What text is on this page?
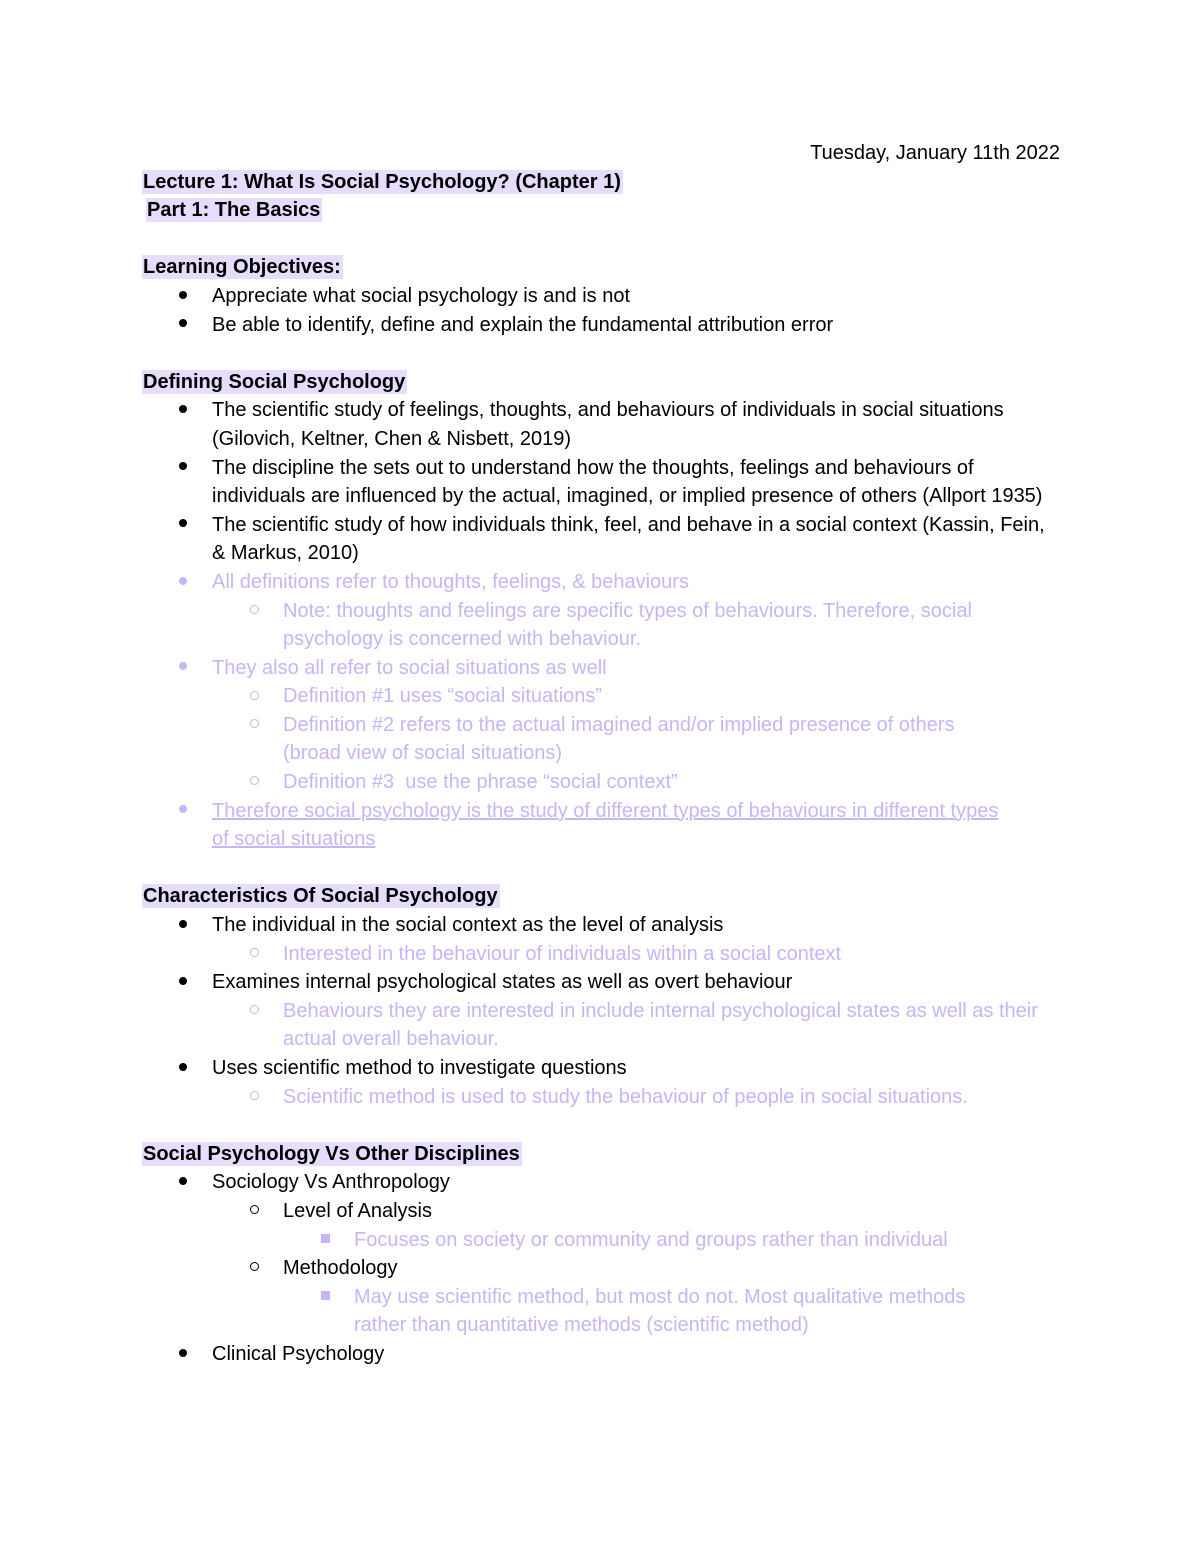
Tuesday, January 11th 2022
Lecture 1: What Is Social Psychology? (Chapter 1)
Part 1: The Basics
Learning Objectives:
Appreciate what social psychology is and is not
Be able to identify, define and explain the fundamental attribution error
Defining Social Psychology
The scientific study of feelings, thoughts, and behaviours of individuals in social situations (Gilovich, Keltner, Chen & Nisbett, 2019)
The discipline the sets out to understand how the thoughts, feelings and behaviours of individuals are influenced by the actual, imagined, or implied presence of others (Allport 1935)
The scientific study of how individuals think, feel, and behave in a social context (Kassin, Fein, & Markus, 2010)
All definitions refer to thoughts, feelings, & behaviours
Note: thoughts and feelings are specific types of behaviours. Therefore, social psychology is concerned with behaviour.
They also all refer to social situations as well
Definition #1 uses “social situations”
Definition #2 refers to the actual imagined and/or implied presence of others (broad view of social situations)
Definition #3  use the phrase “social context”
Therefore social psychology is the study of different types of behaviours in different types of social situations
Characteristics Of Social Psychology
The individual in the social context as the level of analysis
Interested in the behaviour of individuals within a social context
Examines internal psychological states as well as overt behaviour
Behaviours they are interested in include internal psychological states as well as their actual overall behaviour.
Uses scientific method to investigate questions
Scientific method is used to study the behaviour of people in social situations.
Social Psychology Vs Other Disciplines
Sociology Vs Anthropology
Level of Analysis
Focuses on society or community and groups rather than individual
Methodology
May use scientific method, but most do not. Most qualitative methods rather than quantitative methods (scientific method)
Clinical Psychology
